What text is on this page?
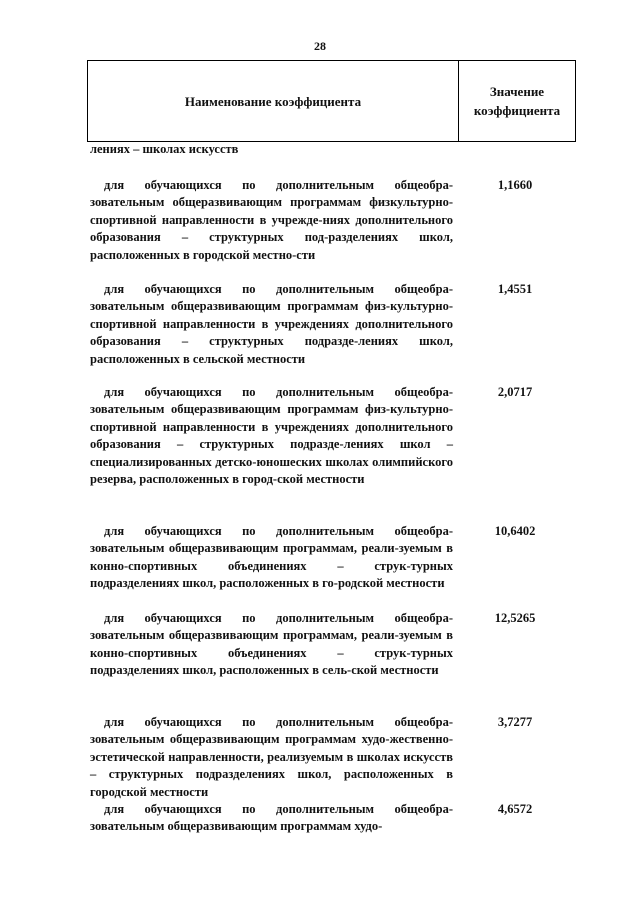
28
Наименование коэффициента
Значение
коэффициента
лениях – школах искусств
для обучающихся по дополнительным общеобра-зовательным общеразвивающим программам физкультурно-спортивной направленности в учрежде-ниях дополнительного образования – структурных под-разделениях школ, расположенных в городской местно-сти
1,1660
для обучающихся по дополнительным общеобра-зовательным общеразвивающим программам физ-культурно-спортивной направленности в учреждениях дополнительного образования – структурных подразде-лениях школ, расположенных в сельской местности
1,4551
для обучающихся по дополнительным общеобра-зовательным общеразвивающим программам физ-культурно-спортивной направленности в учреждениях дополнительного образования – структурных подразде-лениях школ – специализированных детско-юношеских школах олимпийского резерва, расположенных в город-ской местности
2,0717
для обучающихся по дополнительным общеобра-зовательным общеразвивающим программам, реали-зуемым в конно-спортивных объединениях – струк-турных подразделениях школ, расположенных в го-родской местности
10,6402
для обучающихся по дополнительным общеобра-зовательным общеразвивающим программам, реали-зуемым в конно-спортивных объединениях – струк-турных подразделениях школ, расположенных в сель-ской местности
12,5265
для обучающихся по дополнительным общеобра-зовательным общеразвивающим программам худо-жественно-эстетической направленности, реализуемым в школах искусств – структурных подразделениях школ, расположенных в городской местности
3,7277
для обучающихся по дополнительным общеобра-зовательным общеразвивающим программам худо-
4,6572
